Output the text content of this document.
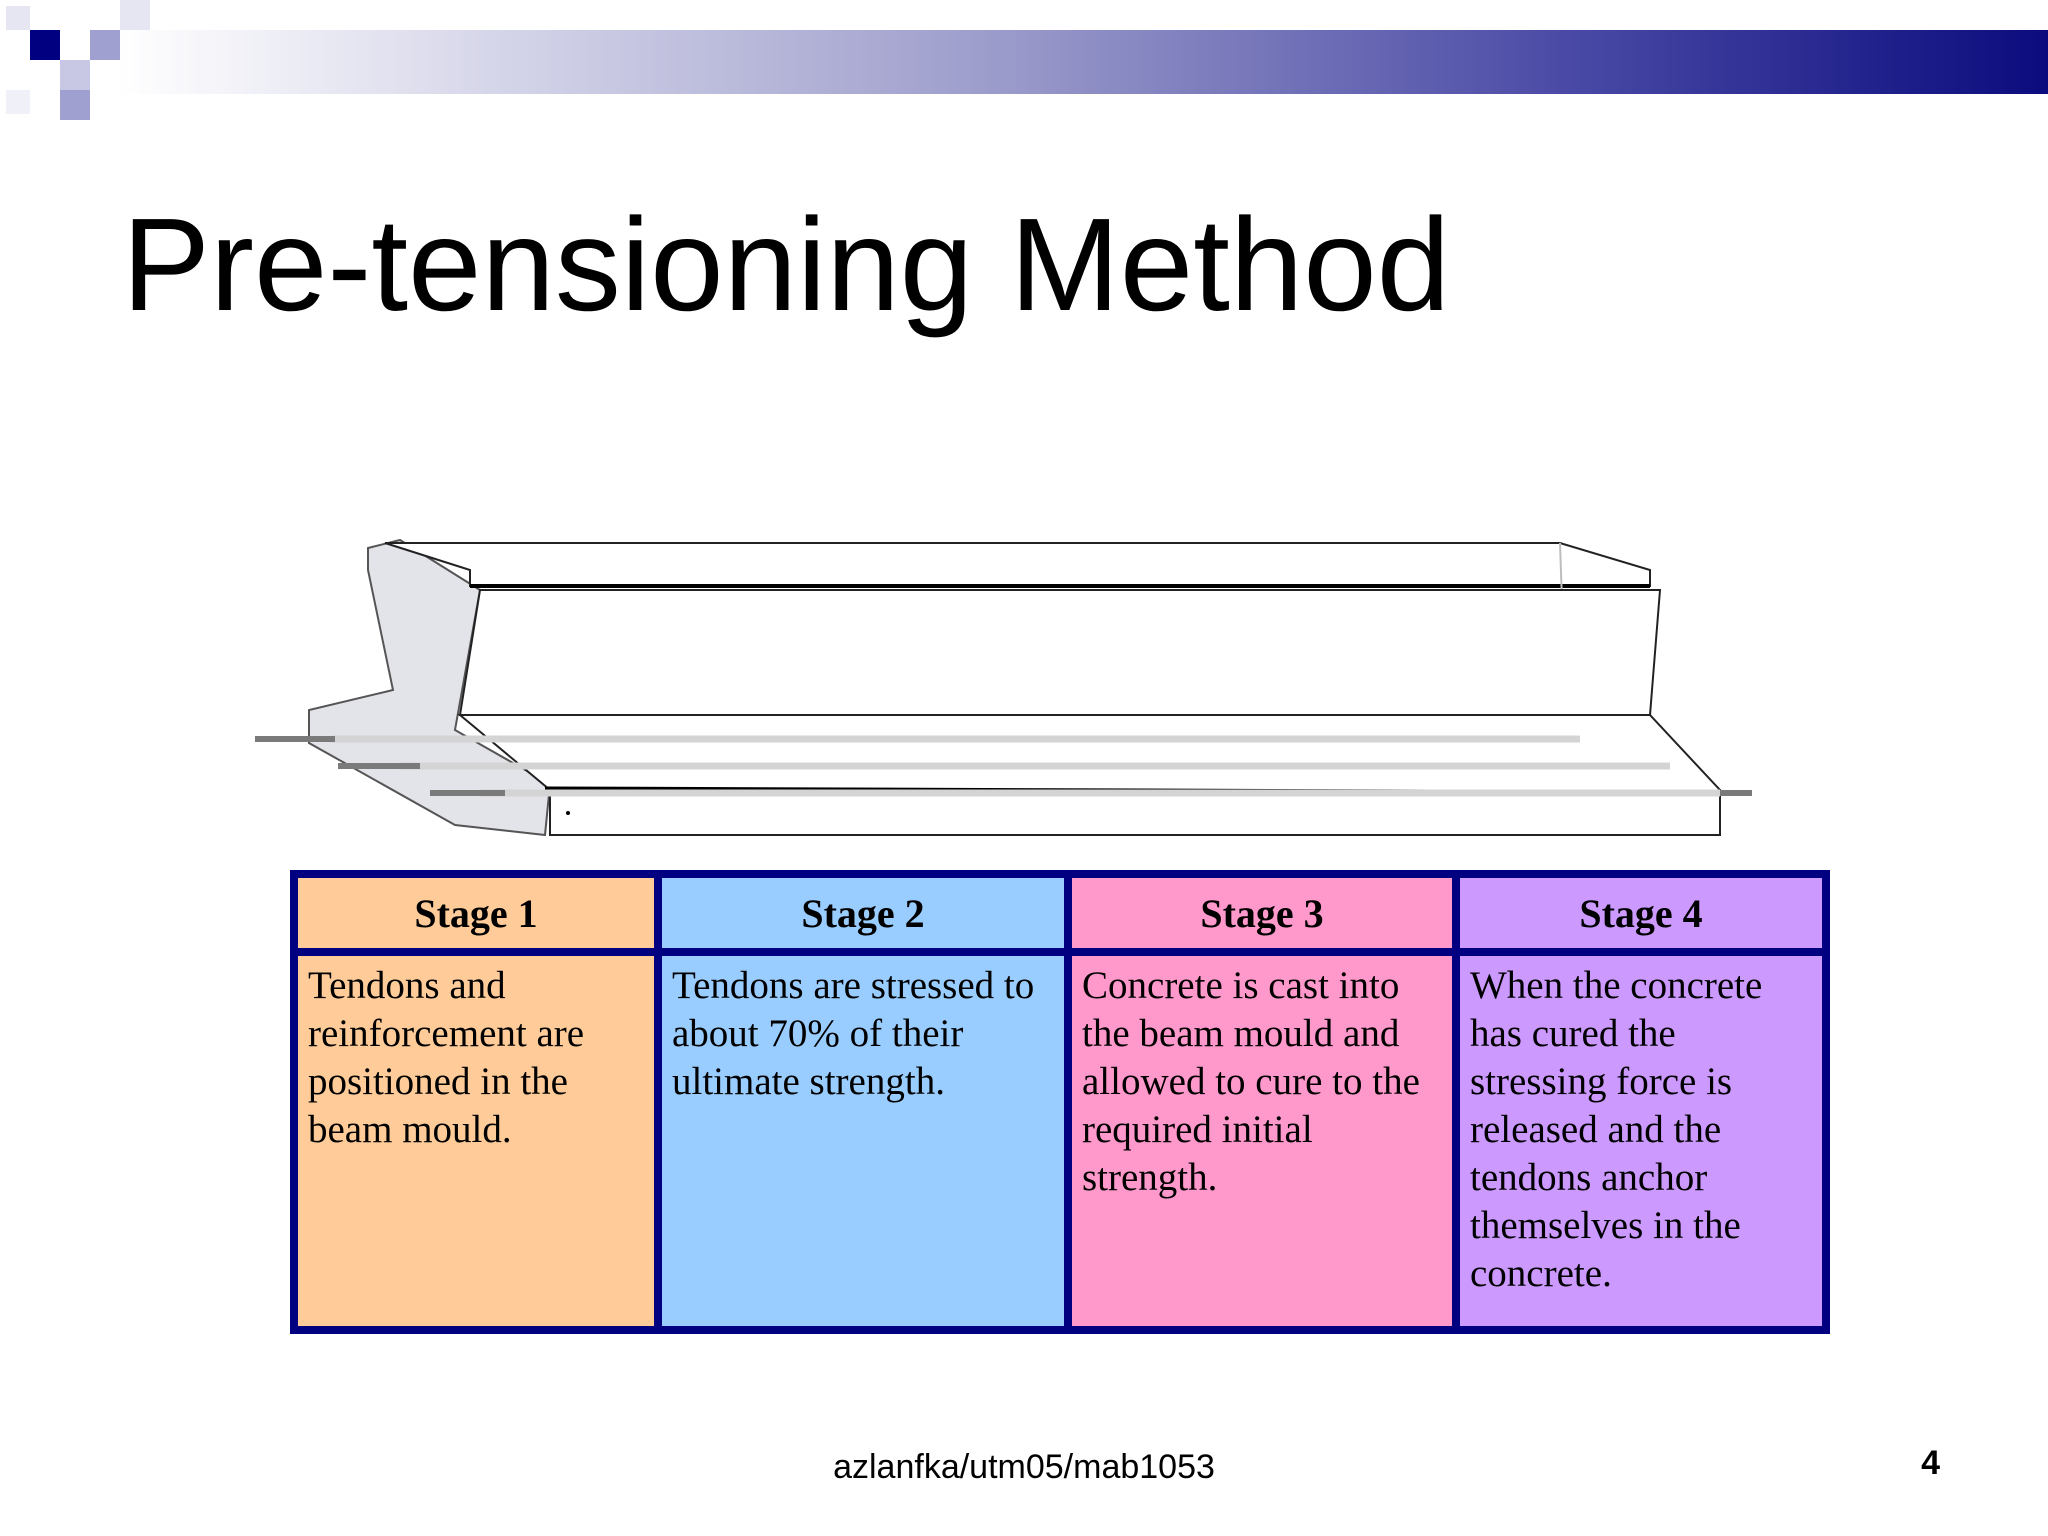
Pre-tensioning Method
Stage 1	Stage 2	Stage 3	Stage 4
Tendons and reinforcement are positioned in the beam mould.	Tendons are stressed to about 70% of their ultimate strength.	Concrete is cast into the beam mould and allowed to cure to the required initial strength.	When the concrete has cured the stressing force is released and the tendons anchor themselves in the concrete.
azlanfka/utm05/mab1053	4
